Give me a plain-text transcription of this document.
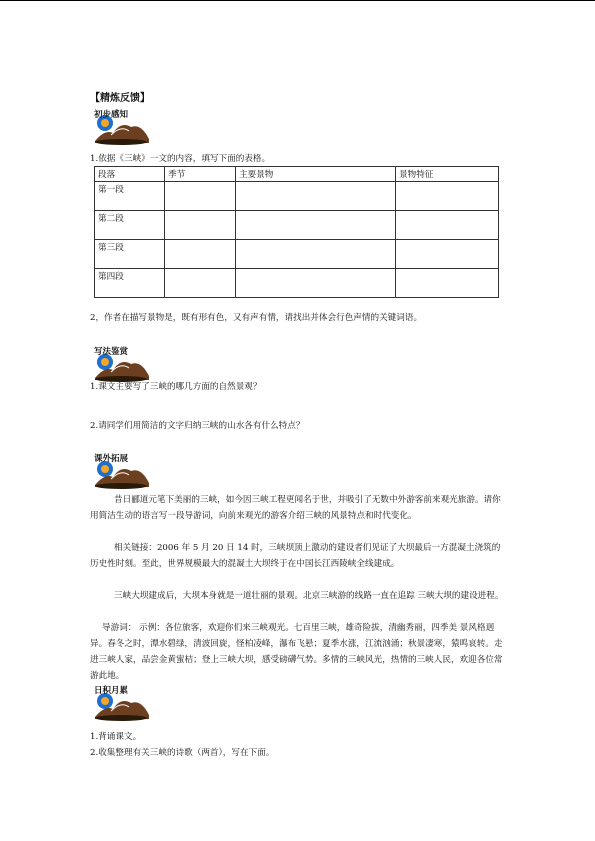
【精炼反馈】
初步感知
1.依据《三峡》一文的内容，填写下面的表格。
段落	季节	主要景物	景物特征
第一段			
第二段			
第三段			
第四段			
2，作者在描写景物是，既有形有色，又有声有情，请找出并体会行色声情的关键词语。
写法鉴赏
1.课文主要写了三峡的哪几方面的自然景观？
2.请同学们用简洁的文字归纳三峡的山水各有什么特点？
课外拓展
昔日郦道元笔下美丽的三峡，如今因三峡工程更闻名于世，并吸引了无数中外游客前来观光旅游。请你用简洁生动的语言写一段导游词，向前来观光的游客介绍三峡的风景特点和时代变化。
相关链接：2006 年 5 月 20 日 14 时，三峡坝顶上激动的建设者们见证了大坝最后一方混凝土浇筑的历史性时刻。至此，世界规模最大的混凝土大坝终于在中国长江西陵峡全线建成。
三峡大坝建成后，大坝本身就是一道壮丽的景观。北京三峡游的线路一直在追踪 三峡大坝的建设进程。
导游词： 示例：各位旅客，欢迎你们来三峡观光。七百里三峡，雄奇险拔，清幽秀丽，四季美 景风格迥异。春冬之时，潭水碧绿，清波回旋，怪柏凌峰，瀑布飞悬；夏季水涨，江流汹涌；秋景凄寒，猿鸣哀转。走进三峡人家，品尝金黄蜜桔；登上三峡大坝，感受磅礴气势。多情的三峡风光，热情的三峡人民，欢迎各位常游此地。
日积月累
1.背诵课文。
2.收集整理有关三峡的诗歌（两首），写在下面。
